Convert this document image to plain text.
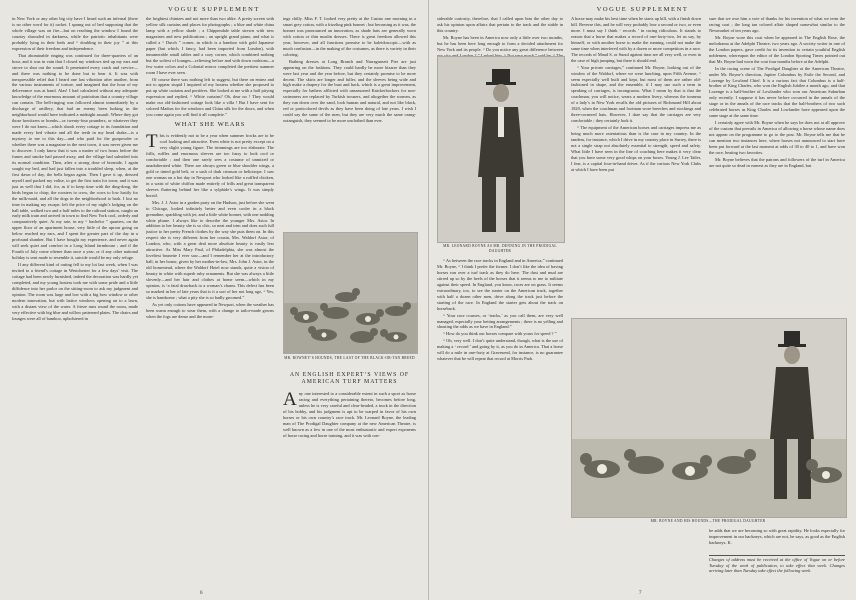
VOGUE SUPPLEMENT

in New York or any other big city have I heard such an infernal (there is no other word for it) racket. I sprang out of bed supposing that the whole village was on fire—but on reaching the window I found the country shrouded in darkness, while the patriotic inhabitants were probably lying in their beds and “ doubling in their joy ” at this expression of their freedom and independence.

That abominable ringing was continued for three-quarters of an hour, and it was in vain that I closed my windows tied up my ears and strove to shut out the sound. It penetrated every crack and crevice—and there was nothing to be done but to bear it. It was with inexpressible relief that I heard one last vibration after another, from the various instruments of torture, and imagined that the hour of my deliverance was at hand. Alas! I had calculated without any adequate knowledge of the enormous amount of patriotism that a country village can contain. The bell-ringing was followed almost immediately by a discharge of artillery, that had an enemy been lurking in the neighborhood would have indicated a midnight assault. Where they got those howitzers or bombs—or twenty-four pounders, or whatever they were I do not know—which shook every cottage to its foundation and made every bed vibrate and all the teeth in my head shake—is a mystery to me to this day—and who paid for the gunpowder or whether there was a magazine in the next town, it was never given me to discover. I only know that it was a matter of two hours before the fumes and smoke had passed away, and the village had subsided into its normal condition. Then, after a strong dose of bromide, I again sought my bed, and had just fallen into a troubled sleep, when, at the first dawn of day, the bells began again. Then I gave it up, dressed myself and packed my valise, to get the first train for town; and it was just as well that I did, for, as if to keep time with the ding-dong, the birds began to chirp, the roosters to crow, the cows to low lustily for the milk-maid, and all the dogs in the neighborhood to bark. I lost no time in making my escape, left the price of my night’s lodging on the hall table, walked two and a half miles to the railroad station, caught an early milk train and arrived in town to find New York cool, orderly and comparatively quiet. At my rate, in my “ bachelor ” quarters, on the upper floor of an apartment house, very little of the uproar going on below reached my ears, and I spent the greater part of the day in a profound slumber. But I have bought my experience, and never again will seek quiet and comfort in a Long Island farmhouse ; and if the Fourth of July come oftener than once a year, or if any other national holiday is sent made to resemble it, suicide would be my only refuge.

If any different kind of outing fell to my lot last week, when I was invited to a friend’s cottage in Westchester for a few days’ visit. The cottage had been newly furnished, indeed the decoration was hardly yet completed, and my young hostess took me with some pride and a little diffidence into her parlor on the sitting-room to ask my judgment and opinion. The room was large and low with a big bow window or other modern innovation, but with lattice windows opening on to a lawn, with a distant view of the water. A frieze runs round the room, made very effective with big blue and willow patterned plates. The chairs and lounges were all of bamboo, upholstered in

the brightest chintzes and not more than two alike. A pretty screen with yellow silk curtains and places for photographs ; a blue and white china lamp with a yellow shade ; a Chippendale table strewn with new magazines and new publications ; an upright grand piano, and what is called a “ Dutch ” corner, in which is a bamboo with gold Japanese paper (but which, I fancy, had been imported from London), with innumerable small tables and a cozy corner, which combined nothing but the softest of lounges—relieving before and with down cushions—a few water colors and a Colonial mirror completed the prettiest summer room I have ever seen.

Of course there was nothing left to suggest, but there on entrez and not to appear stupid I inquired of my hostess whether she proposed to put up white curtains and portières. She looked at me with a half pitying expression and replied, “ White curtains? Oh, dear no ! They would make our old-fashioned cottage look like a villa ! But I have sent for colored Madras for the windows and China silk for the doors, and when you come again you will find it all complete.”

WHAT SHE WEARS

This is evidently not to be a year when summer frocks are to be cool looking and attractive. Even white is not pretty except on a very slight young figure. The trimmings are too elaborate. The frills, ruffles and enormous sleeves are too fussy to look cool or comfortable ; and then one rarely sees a costume of unmixed or unadulterated white. There are always green or blue shoulder wings, a gold or tinted gold belt, or a sash of dark crimson or heliotrope. I saw one woman on a hot day in Newport who looked like a ruffled chicken, in a waist of white chiffon made entirely of frills and great transparent sleeves fluttering behind her like a sylphide’s wings. It was simply horrid.

Mrs. J. J. Astor in a garden party on the Hudson, just before she went to Chicago, looked infinitely better and even cooler in a black grenadine, sparkling with jet, and a little white bonnet, with one nodding white plume. I always like to describe the younger Mrs. Astor. In addition to her beauty she is so chic, so neat and trim and does such full justice to her pretty French clothes by the way she puts them on. In this respect she is very different from her cousin, Mrs. Waldorf Astor, of London, who, with a great deal more absolute beauty is vastly less attractive. As Miss Mary Paul, of Philadelphia, she was almost the loveliest brunette I ever saw—and I remember her at the introductory ball, in her honor, given by her mother-in-law, Mrs. John J. Astor, in the old homestead, where the Waldorf Hotel now stands, quite a vision of beauty in white with superb ruby ornaments. But she was always a little slovenly—and her hair and clothes at home seem—which in my opinion, is ‘a fatal drawback to a woman’s charm. This defect has been so marked in her of late years that is it a sort of her not long ago, “ Yes, she is handsome ; what a pity she is so badly groomed.”

As yet only cottons have appeared in Newport, when the weather has been warm enough to wear them, with a change to tailor-made gowns when the fogs are dense and the morn-

ings chilly. Miss F. T. looked very pretty at the Casino one morning in a smart grey cotton, with a frizzling pink bonnet ; but becoming as it was, the bonnet was pronounced an innovation, as shade hats are generally worn with cotton or thin muslin dresses. There is great freedom allowed this year, however, and all functions promise to be kaleidoscopic—with as much confusion—in the making of the costumes, as there is variety in their coloring.

Bathing dresses at Long Branch and Narragansett Pier are just appearing on the fashions. They could hardly be more bizarre than they were last year and the year before, but they certainly promise to be more decent. The skirts are longer and fuller, and the sleeves being wide and high make a drapery for the bust and back, which is a great improvement, especially for bathers afflicted with unseasoned Knickerbockers for non-swimmers are replaced by Turkish trousers, and altogether the women, as they run down over the sand, look human and natural, and not like black, red or particolored devils as they have been doing of late years. I wish I could say the same of the men, but they are very much the same orang-outanguish, they seemed to be more unclothed than ever.

MR. ROWNEY’S HOUNDS, THE LAST OF THE BLACK-OR-TAN BREED
AN ENGLISH EXPERT’S VIEWS OF AMERICAN TURF MATTERS

Any one interested to a considerable extent in such a sport as horse racing and everything pertaining thereto, becomes before long, unless he is very careful and clear-headed, a truck in the direction of his hobby, and his judgment is apt to be warped in favor of his own horses or his own country’s race track. Mr. Leonard Boyne, the leading man of The Prodigal Daughter company at the new American Theatre, is well known as a few in one of the most enthusiastic and expert exponents of horse racing and horse training, and it was with con-

6
VOGUE SUPPLEMENT

siderable curiosity, therefore, that I called upon him the other day to ask his opinion upon affairs that pertain to the track and the stable in this country.

Mr. Boyne has been in America now only a little over two months, but he has been here long enough to form a decided attachment for New York and its people. “ Do you notice any great difference between

MR. LEONARD BOYNE AS MR. DENNING IN THE PRODIGAL DAUGHTER

“ As between the race tracks in England and in America,” continued Mr. Boyne, “ I think I prefer the former. I don’t like the idea of having horses run over a turf track as they do here. The dust and mud are stirred up so by the heels of the horses that it seems to me to militate against their speed. In England, you know, races are on grass. It seems extraordinary, too, to see the starter on the American track, together with half a dozen other men, drive along the track just before the starting of the race. In England the starter gets about the track on horseback.

“ Your race courses, or ‘tracks,’ as you call them, are very well managed, especially your betting arrangements ; there is no yelling and shouting the odds as we have in England.”

“ How do you think our horses compare with yours for speed ? ”

“ Oh, very well. I don’t quite understand, though, what is the use of making a ‘ record ’ and going by it, as you do in America. That a horse will do a mile in one-forty at Gravesend, for instance, is no guarantee whatever that he will repeat that record at Morris Park.

A horse may make his best time when he starts up hill, with a finish down hill. Reverse this, and he will very probably lose a second or two, or even more. I must say I think ‘ records ’ in racing ridiculous. It stands to reason that a horse that makes a record of one-forty-two, let us say, by himself, or with another horse to make the running, could not make the same time when interfered with by a dozen or more competitors in a race. The records of Maud S. or Sunol against time are all very well, or even in the case of high jumping, but there it should end.

“ Your private carriages,” continued Mr. Boyne, looking out of the window of the Waldorf, where we were lunching, upon Fifth Avenue, “ seem especially well built and kept, but most of them are rather old-fashioned in shape, and the ensemble, if I may use such a term in speaking of carriages, is incongruous. What I mean by that is that the coachman, you will notice, wears a modern livery, whereas the tonneau of a lady’s in New York recalls the old pictures of Richmond Hill about 1820, when the coachman and footman wore breeches and stockings and three-cornered hats. However, I dare say that the carriages are very comfortable ; they certainly look it.

“ The equipment of the American horses and carriages impress me as being much more ostentatious than is the case in my country. In the tandem, for instance, which I drive in my country place in Surrey, there is not a single strap not absolutely essential to strength, speed and safety. What little I have seen in the line of coaching here makes it very clear that you have some very good whips on your boxes. Young J. Lee Tailer, I fear, is a capital four-in-hand driver. As if the various New York Clubs at which I have been put

sure that we owe him a vote of thanks for his invention of what we term the racing coat ; the long tan colored affair shaped somewhat similar to the Newmarket of ten years ago.

Mr. Boyne wore this coat when he appeared in The English Rose, the melodrama at the Adelphi Theatre, two years ago. A society writer in one of the London papers, gave credit for its invention to certain youthful English noblemen, whereupon the editor of the London Sporting Times pointed out that Mr. Boyne had worn the coat four months before at the Adelphi.

In the racing scene of The Prodigal Daughter at the American Theatre, under Mr. Boyne’s direction, Jupiter Columbus by Exile the Second, and Lozenge by Lowland Chief. It is a curious fact that Columbus is a half-brother of King Charles, who won the English Jubilee a month ago, and that Lozenge is a half-brother of Lowlander who won our American Suburban only recently. I suppose it has never before occurred in the annals of the stage or in the annals of the race tracks that the half-brothers of two such celebrated horses as King Charles and Lowlander have appeared upon the same stage at the same time.

I certainly agree with Mr. Boyne when he says he does not at all approve of the custom that prevails in America of allowing a horse whose name does not appear on the programme to go to the post. Mr. Boyne tells me that he can mention two instances here, where horses not announced to start have been put forward at the last moment at odds of 30 to 40 to 1, and have won the race, beating two favorites.

Mr. Boyne believes that the patrons and followers of the turf in America are not quite so dead in earnest as they are in England, but

MR. BOYNE AND HIS HOUNDS—THE PRODIGAL DAUGHTER

he adds that we are becoming so with great rapidity. He looks especially for improvement in our hackneys, which are not, he says, as good as the English hackneys. K.

Changes of address must be received at the office of Vogue on or before Tuesday of the week of publication, to take effect that week. Changes arriving later than Tuesday take effect the following week.
7
